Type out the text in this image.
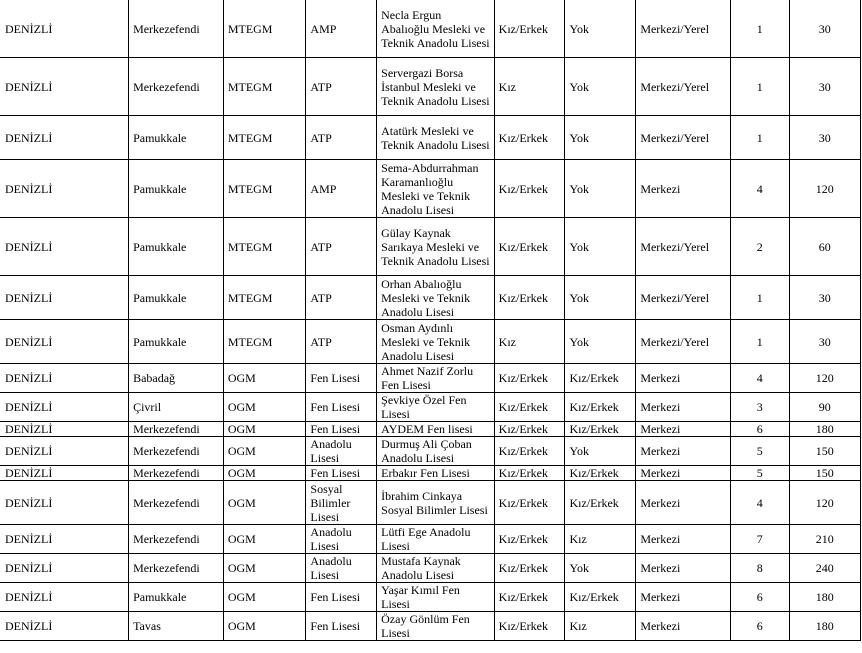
DENİZLİ	Merkezefendi	MTEGM	AMP	Necla Ergun Abalıoğlu Mesleki ve Teknik Anadolu Lisesi	Kız/Erkek	Yok	Merkezi/Yerel	1	30
DENİZLİ	Merkezefendi	MTEGM	ATP	Servergazi Borsa İstanbul Mesleki ve Teknik Anadolu Lisesi	Kız	Yok	Merkezi/Yerel	1	30
DENİZLİ	Pamukkale	MTEGM	ATP	Atatürk Mesleki ve Teknik Anadolu Lisesi	Kız/Erkek	Yok	Merkezi/Yerel	1	30
DENİZLİ	Pamukkale	MTEGM	AMP	Sema-Abdurrahman Karamanlıoğlu Mesleki ve Teknik Anadolu Lisesi	Kız/Erkek	Yok	Merkezi	4	120
DENİZLİ	Pamukkale	MTEGM	ATP	Gülay Kaynak Sarıkaya Mesleki ve Teknik Anadolu Lisesi	Kız/Erkek	Yok	Merkezi/Yerel	2	60
DENİZLİ	Pamukkale	MTEGM	ATP	Orhan Abalıoğlu Mesleki ve Teknik Anadolu Lisesi	Kız/Erkek	Yok	Merkezi/Yerel	1	30
DENİZLİ	Pamukkale	MTEGM	ATP	Osman Aydınlı Mesleki ve Teknik Anadolu Lisesi	Kız	Yok	Merkezi/Yerel	1	30
DENİZLİ	Babadağ	OGM	Fen Lisesi	Ahmet Nazif Zorlu Fen Lisesi	Kız/Erkek	Kız/Erkek	Merkezi	4	120
DENİZLİ	Çivril	OGM	Fen Lisesi	Şevkiye Özel Fen Lisesi	Kız/Erkek	Kız/Erkek	Merkezi	3	90
DENİZLİ	Merkezefendi	OGM	Fen Lisesi	AYDEM Fen lisesi	Kız/Erkek	Kız/Erkek	Merkezi	6	180
DENİZLİ	Merkezefendi	OGM	Anadolu Lisesi	Durmuş Ali Çoban Anadolu Lisesi	Kız/Erkek	Yok	Merkezi	5	150
DENİZLİ	Merkezefendi	OGM	Fen Lisesi	Erbakır Fen Lisesi	Kız/Erkek	Kız/Erkek	Merkezi	5	150
DENİZLİ	Merkezefendi	OGM	Sosyal Bilimler Lisesi	İbrahim Cinkaya Sosyal Bilimler Lisesi	Kız/Erkek	Kız/Erkek	Merkezi	4	120
DENİZLİ	Merkezefendi	OGM	Anadolu Lisesi	Lütfi Ege Anadolu Lisesi	Kız/Erkek	Kız	Merkezi	7	210
DENİZLİ	Merkezefendi	OGM	Anadolu Lisesi	Mustafa Kaynak Anadolu Lisesi	Kız/Erkek	Yok	Merkezi	8	240
DENİZLİ	Pamukkale	OGM	Fen Lisesi	Yaşar Kımıl Fen Lisesi	Kız/Erkek	Kız/Erkek	Merkezi	6	180
DENİZLİ	Tavas	OGM	Fen Lisesi	Özay Gönlüm Fen Lisesi	Kız/Erkek	Kız	Merkezi	6	180
